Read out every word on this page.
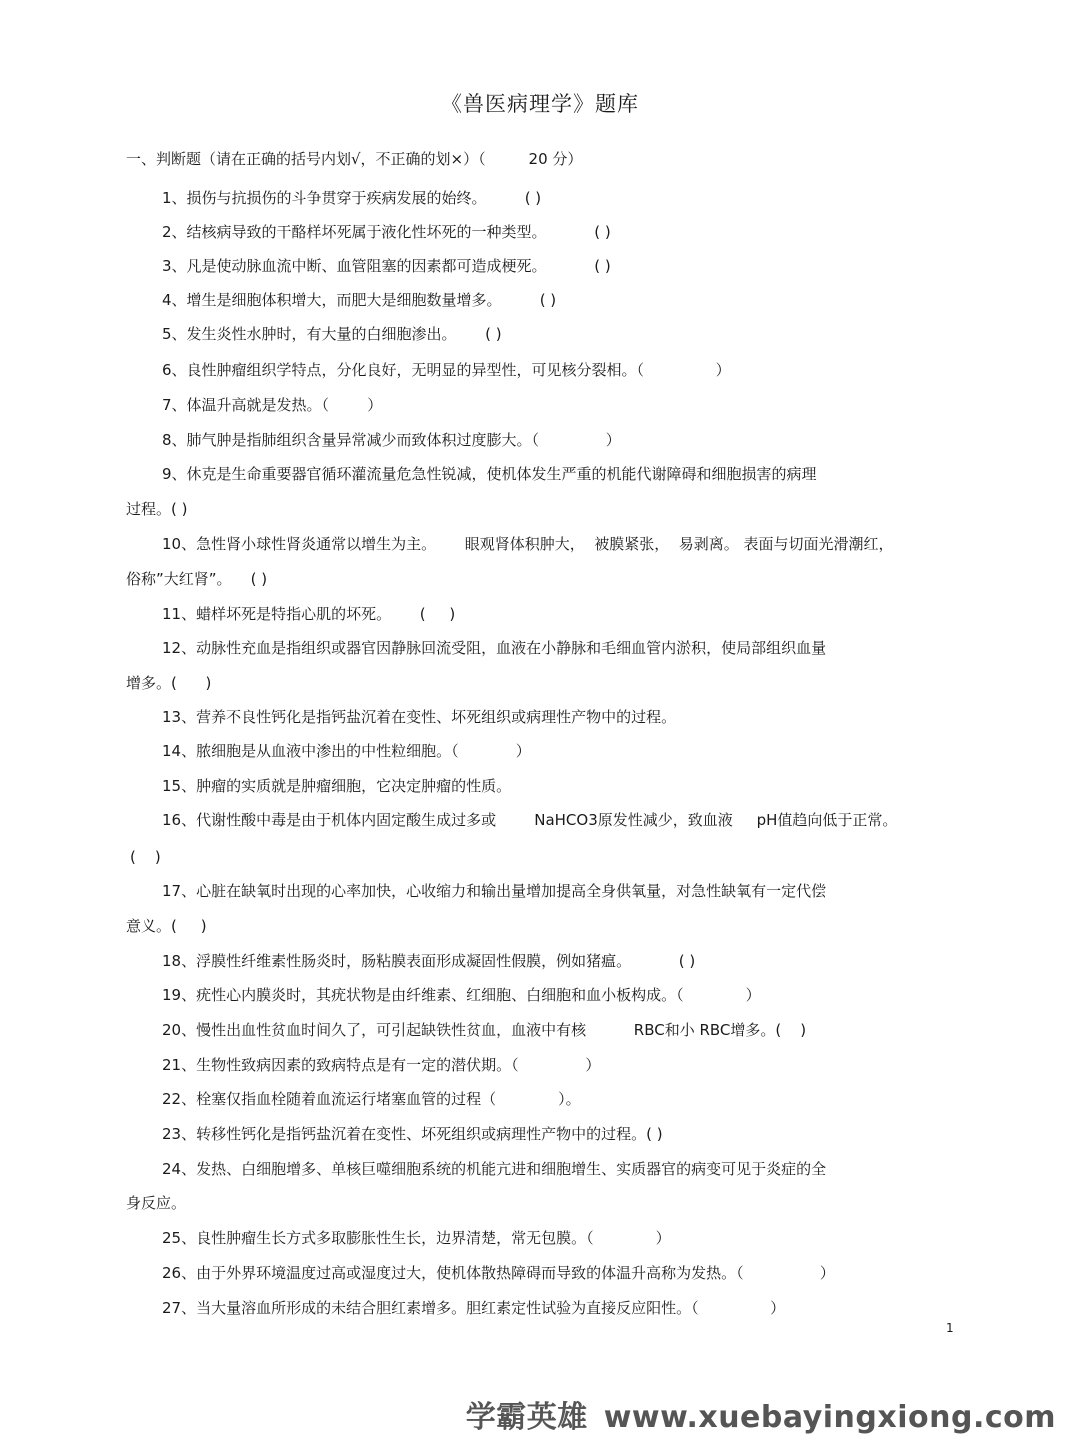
《兽医病理学》题库
一、判断题（请在正确的括号内划√，不正确的划×）（         20 分）
1、损伤与抗损伤的斗争贯穿于疾病发展的始终。        ( )
2、结核病导致的干酪样坏死属于液化性坏死的一种类型。          ( )
3、凡是使动脉血流中断、血管阻塞的因素都可造成梗死。          ( )
4、增生是细胞体积增大，而肥大是细胞数量增多。        ( )
5、发生炎性水肿时，有大量的白细胞渗出。      ( )
6、良性肿瘤组织学特点，分化良好，无明显的异型性，可见核分裂相。（               ）
7、体温升高就是发热。（        ）
8、肺气肿是指肺组织含量异常减少而致体积过度膨大。（              ）
9、休克是生命重要器官循环灌流量危急性锐减，使机体发生严重的机能代谢障碍和细胞损害的病理
过程。( )
10、急性肾小球性肾炎通常以增生为主。      眼观肾体积肿大，  被膜紧张，  易剥离。 表面与切面光滑潮红，
俗称”大红肾”。    ( )
11、蜡样坏死是特指心肌的坏死。      (     )
12、动脉性充血是指组织或器官因静脉回流受阻，血液在小静脉和毛细血管内淤积，使局部组织血量
增多。(      )
13、营养不良性钙化是指钙盐沉着在变性、坏死组织或病理性产物中的过程。
14、脓细胞是从血液中渗出的中性粒细胞。（            ）
15、肿瘤的实质就是肿瘤细胞，它决定肿瘤的性质。
16、代谢性酸中毒是由于机体内固定酸生成过多或        NaHCO3原发性减少，致血液     pH值趋向低于正常。
(    )
17、心脏在缺氧时出现的心率加快，心收缩力和输出量增加提高全身供氧量，对急性缺氧有一定代偿
意义。(     )
18、浮膜性纤维素性肠炎时，肠粘膜表面形成凝固性假膜，例如猪瘟。          ( )
19、疣性心内膜炎时，其疣状物是由纤维素、红细胞、白细胞和血小板构成。（             ）
20、慢性出血性贫血时间久了，可引起缺铁性贫血，血液中有核          RBC和小 RBC增多。(    )
21、生物性致病因素的致病特点是有一定的潜伏期。（              ）
22、栓塞仅指血栓随着血流运行堵塞血管的过程（             ）。
23、转移性钙化是指钙盐沉着在变性、坏死组织或病理性产物中的过程。( )
24、发热、白细胞增多、单核巨噬细胞系统的机能亢进和细胞增生、实质器官的病变可见于炎症的全
身反应。
25、良性肿瘤生长方式多取膨胀性生长，边界清楚，常无包膜。（             ）
26、由于外界环境温度过高或湿度过大，使机体散热障碍而导致的体温升高称为发热。（                ）
27、当大量溶血所形成的未结合胆红素增多。胆红素定性试验为直接反应阳性。（               ）
1
学霸英雄 www.xuebayingxiong.com
